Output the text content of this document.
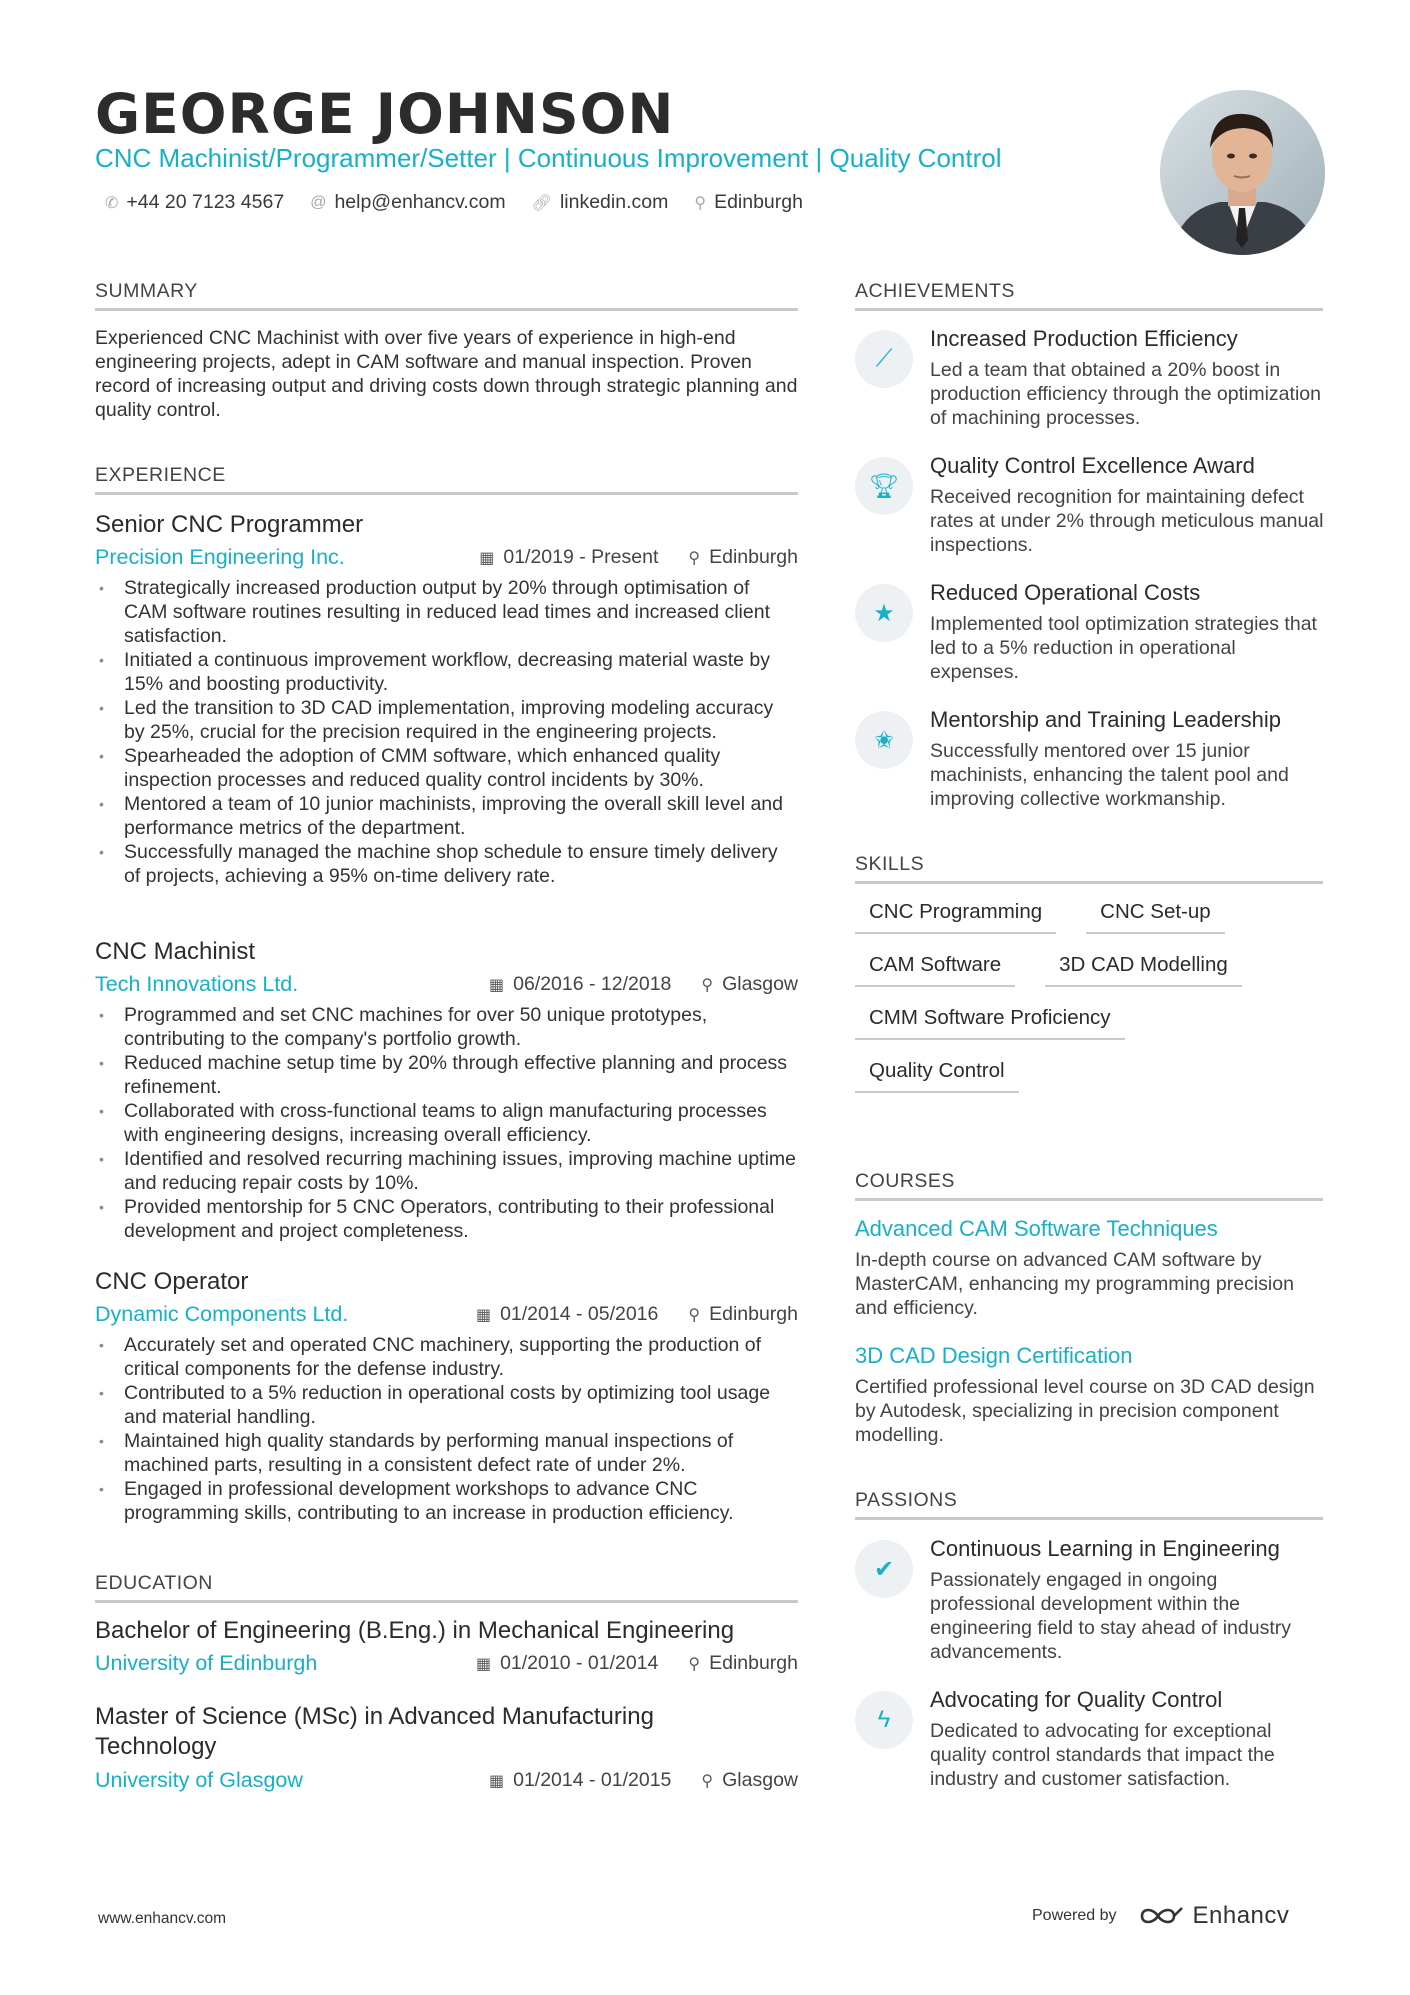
GEORGE JOHNSON
CNC Machinist/Programmer/Setter | Continuous Improvement | Quality Control
✆ +44 20 7123 4567 @ help@enhancv.com 🔗︎ linkedin.com ⚲ Edinburgh
SUMMARY
Experienced CNC Machinist with over five years of experience in high-end engineering projects, adept in CAM software and manual inspection. Proven record of increasing output and driving costs down through strategic planning and quality control.
EXPERIENCE
Senior CNC Programmer
Precision Engineering Inc.	▦ 01/2019 - Present ⚲ Edinburgh
• Strategically increased production output by 20% through optimisation of CAM software routines resulting in reduced lead times and increased client satisfaction.
• Initiated a continuous improvement workflow, decreasing material waste by 15% and boosting productivity.
• Led the transition to 3D CAD implementation, improving modeling accuracy by 25%, crucial for the precision required in the engineering projects.
• Spearheaded the adoption of CMM software, which enhanced quality inspection processes and reduced quality control incidents by 30%.
• Mentored a team of 10 junior machinists, improving the overall skill level and performance metrics of the department.
• Successfully managed the machine shop schedule to ensure timely delivery of projects, achieving a 95% on-time delivery rate.
CNC Machinist
Tech Innovations Ltd.	▦ 06/2016 - 12/2018 ⚲ Glasgow
• Programmed and set CNC machines for over 50 unique prototypes, contributing to the company's portfolio growth.
• Reduced machine setup time by 20% through effective planning and process refinement.
• Collaborated with cross-functional teams to align manufacturing processes with engineering designs, increasing overall efficiency.
• Identified and resolved recurring machining issues, improving machine uptime and reducing repair costs by 10%.
• Provided mentorship for 5 CNC Operators, contributing to their professional development and project completeness.
CNC Operator
Dynamic Components Ltd.	▦ 01/2014 - 05/2016 ⚲ Edinburgh
• Accurately set and operated CNC machinery, supporting the production of critical components for the defense industry.
• Contributed to a 5% reduction in operational costs by optimizing tool usage and material handling.
• Maintained high quality standards by performing manual inspections of machined parts, resulting in a consistent defect rate of under 2%.
• Engaged in professional development workshops to advance CNC programming skills, contributing to an increase in production efficiency.
EDUCATION
Bachelor of Engineering (B.Eng.) in Mechanical Engineering
University of Edinburgh	▦ 01/2010 - 01/2014 ⚲ Edinburgh
Master of Science (MSc) in Advanced Manufacturing Technology
University of Glasgow	▦ 01/2014 - 01/2015 ⚲ Glasgow
ACHIEVEMENTS
⟋
Increased Production Efficiency
Led a team that obtained a 20% boost in production efficiency through the optimization of machining processes.
🏆︎
Quality Control Excellence Award
Received recognition for maintaining defect rates at under 2% through meticulous manual inspections.
★
Reduced Operational Costs
Implemented tool optimization strategies that led to a 5% reduction in operational expenses.
✬
Mentorship and Training Leadership
Successfully mentored over 15 junior machinists, enhancing the talent pool and improving collective workmanship.
SKILLS
CNC Programming	CNC Set-up
CAM Software	3D CAD Modelling
CMM Software Proficiency
Quality Control
COURSES
Advanced CAM Software Techniques
In-depth course on advanced CAM software by MasterCAM, enhancing my programming precision and efficiency.
3D CAD Design Certification
Certified professional level course on 3D CAD design by Autodesk, specializing in precision component modelling.
PASSIONS
✔
Continuous Learning in Engineering
Passionately engaged in ongoing professional development within the engineering field to stay ahead of industry advancements.
ϟ
Advocating for Quality Control
Dedicated to advocating for exceptional quality control standards that impact the industry and customer satisfaction.
www.enhancv.com	Powered by	Enhancv
